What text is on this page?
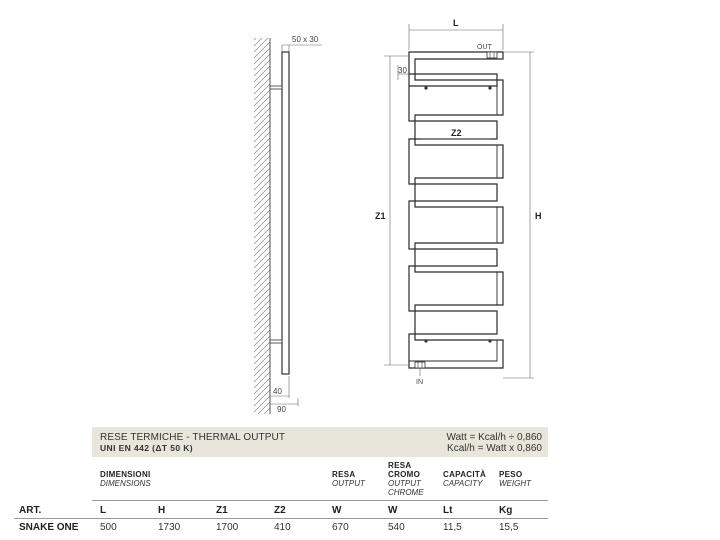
50 x 30
40
90
OUT
IN
L
30
Z2
Z1	H
RESE TERMICHE - THERMAL OUTPUT
UNI EN 442 (ΔT 50 K)
Watt = Kcal/h ÷ 0,860
Kcal/h = Watt x 0,860
DIMENSIONI
DIMENSIONS
RESA
OUTPUT
RESA
CROMO
OUTPUT
CHROME
CAPACITÀ
CAPACITY
PESO
WEIGHT
ART.	L	H	Z1	Z2	W	W	Lt	Kg
SNAKE ONE 500	1730	1700	410	670	540	11,5	15,5
